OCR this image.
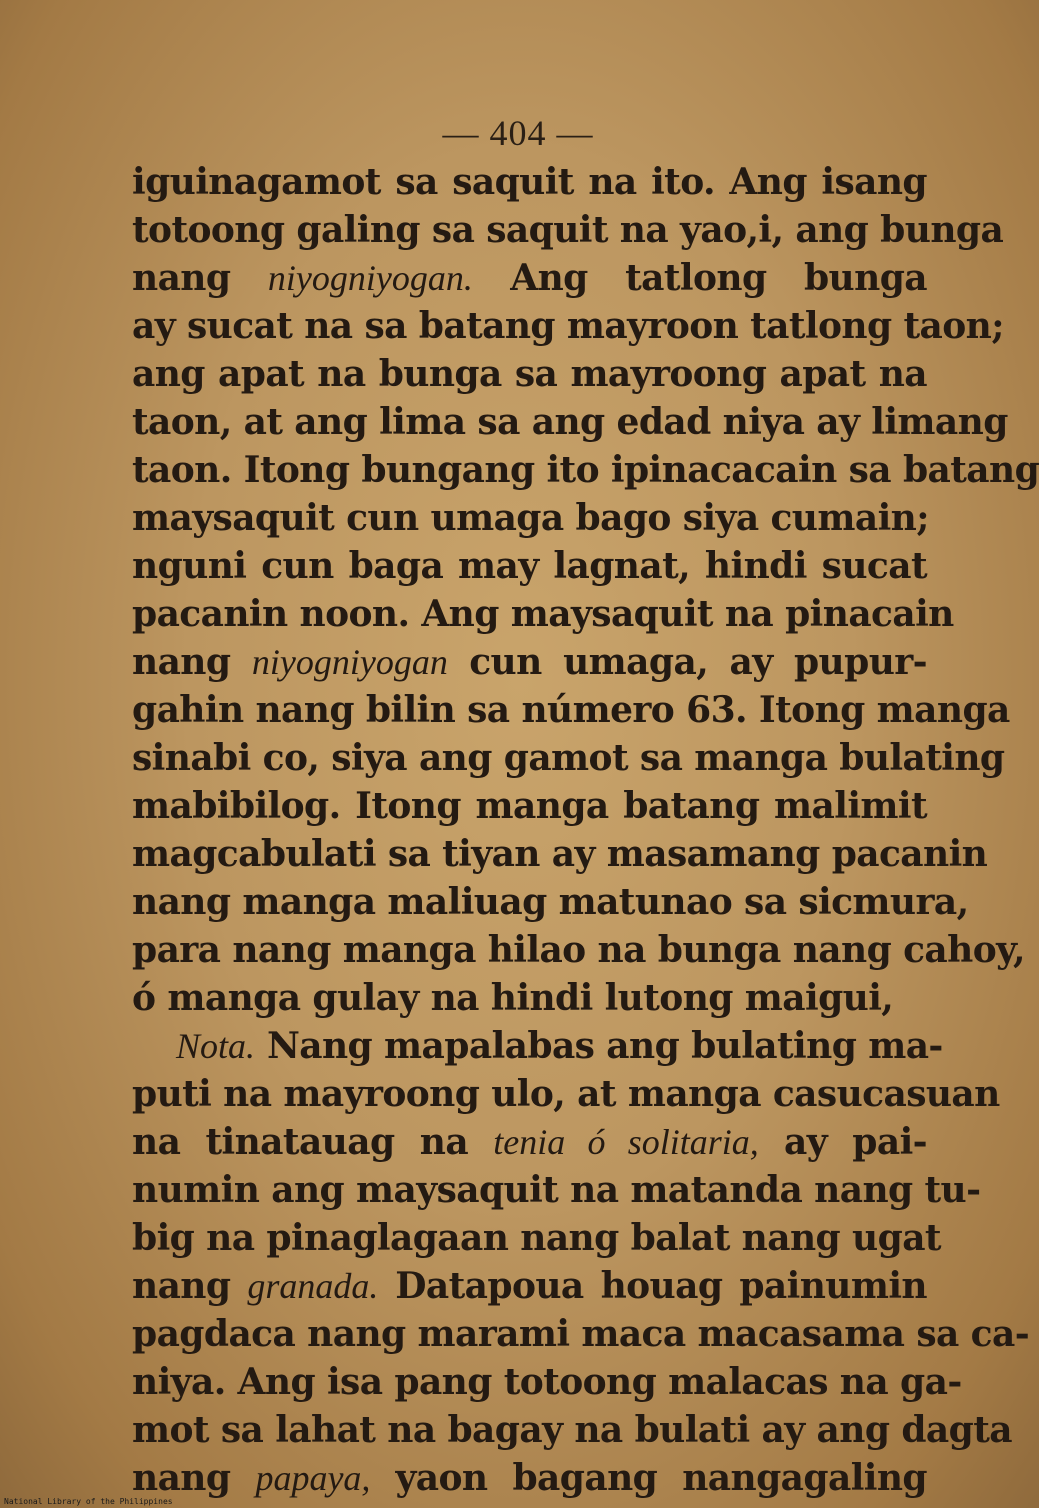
— 404 —
iguinagamot sa saquit na ito. Ang isang
totoong galing sa saquit na yao,i, ang bunga
nang niyogniyogan. Ang tatlong bunga
ay sucat na sa batang mayroon tatlong taon;
ang apat na bunga sa mayroong apat na
taon, at ang lima sa ang edad niya ay limang
taon. Itong bungang ito ipinacacain sa batang
maysaquit cun umaga bago siya cumain;
nguni cun baga may lagnat, hindi sucat
pacanin noon. Ang maysaquit na pinacain
nang niyogniyogan cun umaga, ay pupur-
gahin nang bilin sa número 63. Itong manga
sinabi co, siya ang gamot sa manga bulating
mabibilog. Itong manga batang malimit
magcabulati sa tiyan ay masamang pacanin
nang manga maliuag matunao sa sicmura,
para nang manga hilao na bunga nang cahoy,
ó manga gulay na hindi lutong maigui,
Nota. Nang mapalabas ang bulating ma-
puti na mayroong ulo, at manga casucasuan
na tinatauag na tenia ó solitaria, ay pai-
numin ang maysaquit na matanda nang tu-
big na pinaglagaan nang balat nang ugat
nang granada. Datapoua houag painumin
pagdaca nang marami maca macasama sa ca-
niya. Ang isa pang totoong malacas na ga-
mot sa lahat na bagay na bulati ay ang dagta
nang papaya, yaon bagang nangagaling
National Library of the Philippines
